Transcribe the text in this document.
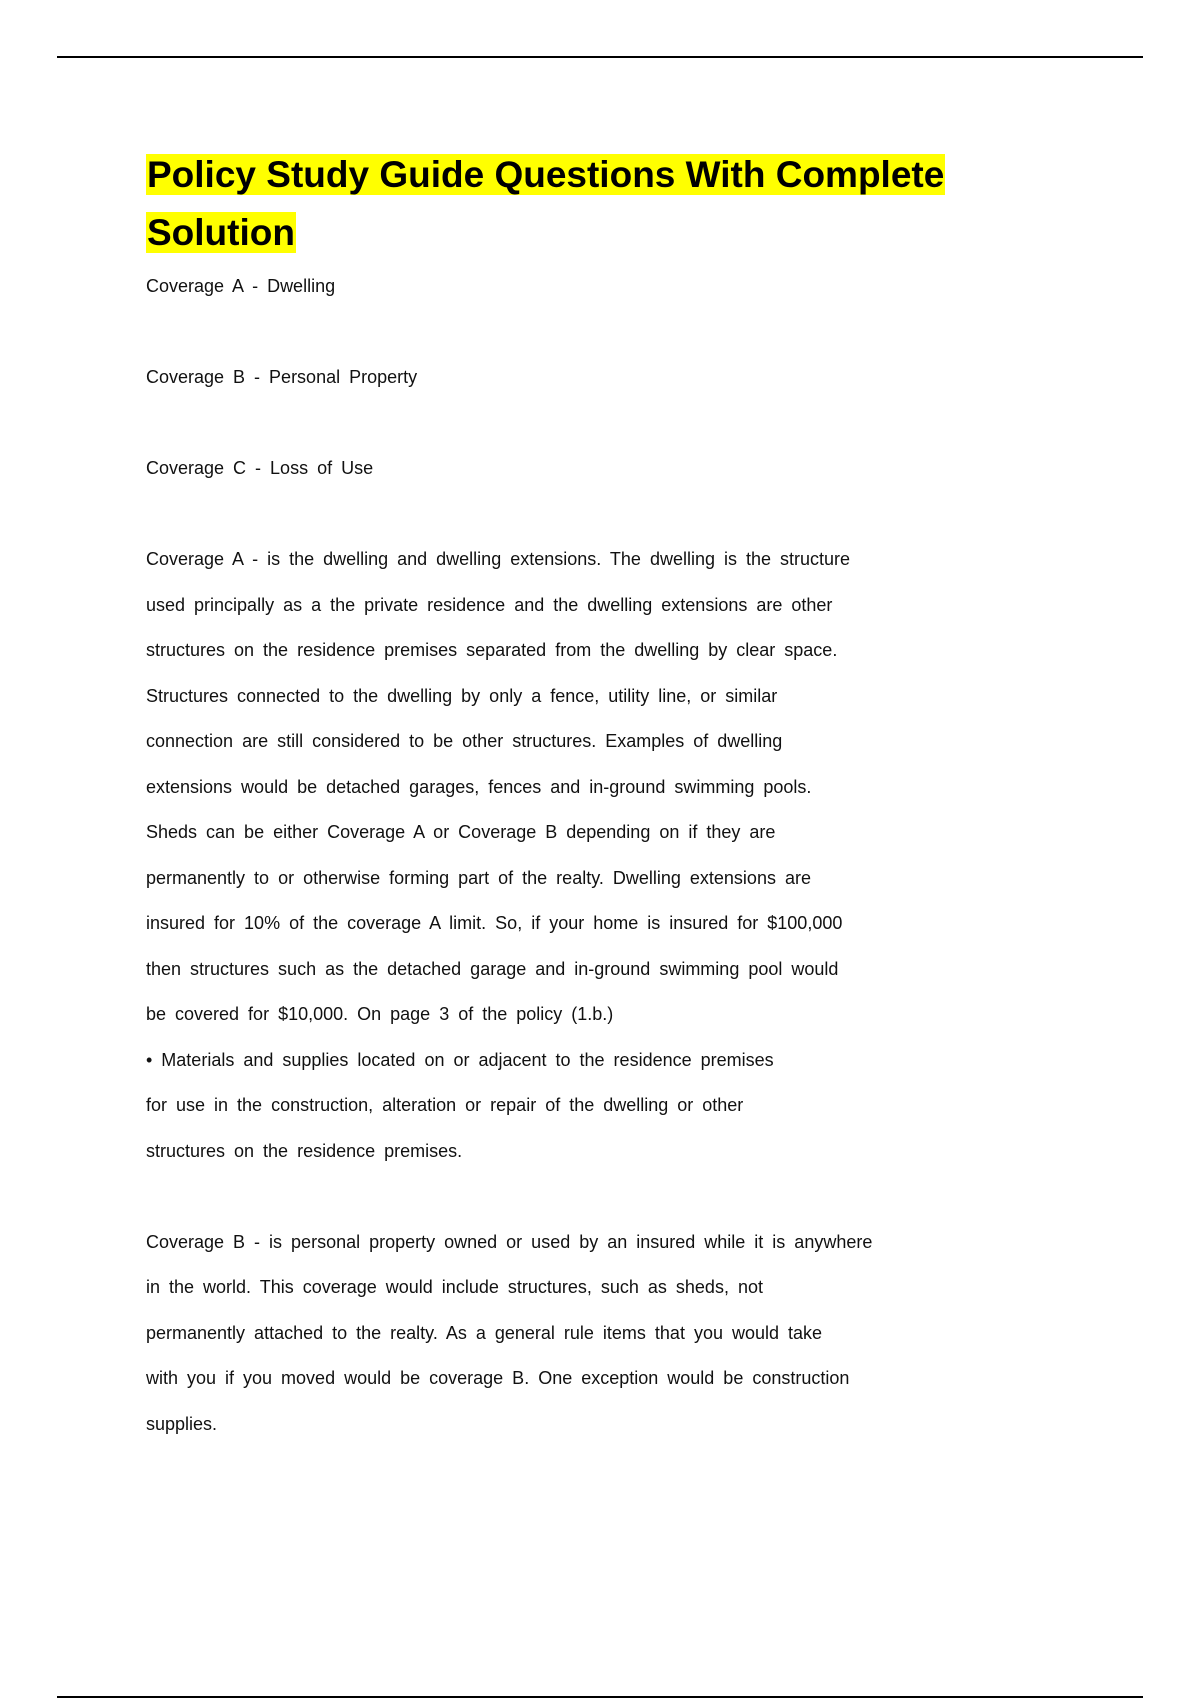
Policy Study Guide Questions With Complete Solution

Coverage A - Dwelling

Coverage B - Personal Property

Coverage C - Loss of Use

Coverage A - is the dwelling and dwelling extensions. The dwelling is the structure

used principally as a the private residence and the dwelling extensions are other

structures on the residence premises separated from the dwelling by clear space.

Structures connected to the dwelling by only a fence, utility line, or similar

connection are still considered to be other structures. Examples of dwelling

extensions would be detached garages, fences and in-ground swimming pools.

Sheds can be either Coverage A or Coverage B depending on if they are

permanently to or otherwise forming part of the realty. Dwelling extensions are

insured for 10% of the coverage A limit. So, if your home is insured for $100,000

then structures such as the detached garage and in-ground swimming pool would

be covered for $10,000. On page 3 of the policy (1.b.)

• Materials and supplies located on or adjacent to the residence premises

for use in the construction, alteration or repair of the dwelling or other

structures on the residence premises.

Coverage B - is personal property owned or used by an insured while it is anywhere

in the world. This coverage would include structures, such as sheds, not

permanently attached to the realty. As a general rule items that you would take

with you if you moved would be coverage B. One exception would be construction

supplies.
